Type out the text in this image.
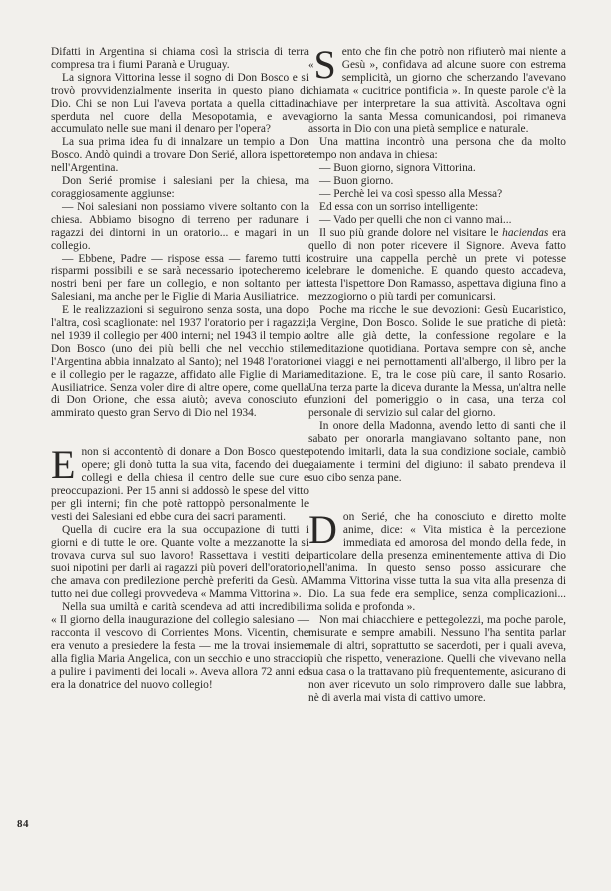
Difatti in Argentina si chiama così la striscia di terra compresa tra i fiumi Paranà e Uruguay.

La signora Vittorina lesse il sogno di Don Bosco e si trovò provvidenzialmente inserita in questo piano di Dio. Chi se non Lui l'aveva portata a quella cittadina sperduta nel cuore della Mesopotamia, e aveva accumulato nelle sue mani il denaro per l'opera?

La sua prima idea fu di innalzare un tempio a Don Bosco. Andò quindi a trovare Don Serié, allora ispettore nell'Argentina.

Don Serié promise i salesiani per la chiesa, ma coraggiosamente aggiunse:

— Noi salesiani non possiamo vivere soltanto con la chiesa. Abbiamo bisogno di terreno per radunare i ragazzi dei dintorni in un oratorio... e magari in un collegio.

— Ebbene, Padre — rispose essa — faremo tutti i risparmi possibili e se sarà necessario ipotecheremo i nostri beni per fare un collegio, e non soltanto per i Salesiani, ma anche per le Figlie di Maria Ausiliatrice.

E le realizzazioni si seguirono senza sosta, una dopo l'altra, così scaglionate: nel 1937 l'oratorio per i ragazzi; nel 1939 il collegio per 400 interni; nel 1943 il tempio a Don Bosco (uno dei più belli che nel vecchio stile l'Argentina abbia innalzato al Santo); nel 1948 l'oratorio e il collegio per le ragazze, affidato alle Figlie di Maria Ausiliatrice. Senza voler dire di altre opere, come quella di Don Orione, che essa aiutò; aveva conosciuto e ammirato questo gran Servo di Dio nel 1934.

Enon si accontentò di donare a Don Bosco queste opere; gli donò tutta la sua vita, facendo dei due collegi e della chiesa il centro delle sue cure e preoccupazioni. Per 15 anni si addossò le spese del vitto per gli interni; fin che potè rattoppò personalmente le vesti dei Salesiani ed ebbe cura dei sacri paramenti.

Quella di cucire era la sua occupazione di tutti i giorni e di tutte le ore. Quante volte a mezzanotte la si trovava curva sul suo lavoro! Rassettava i vestiti dei suoi nipotini per darli ai ragazzi più poveri dell'oratorio, che amava con predilezione perchè preferiti da Gesù. A tutto nei due collegi provvedeva « Mamma Vittorina ».

Nella sua umiltà e carità scendeva ad atti incredibili: « Il giorno della inaugurazione del collegio salesiano — racconta il vescovo di Corrientes Mons. Vicentin, che era venuto a presiedere la festa — me la trovai insieme alla figlia Maria Angelica, con un secchio e uno straccio a pulire i pavimenti dei locali ». Aveva allora 72 anni ed era la donatrice del nuovo collegio!

«S ento che fin che potrò non rifiuterò mai niente a Gesù », confidava ad alcune suore con estrema semplicità, un giorno che scherzando l'avevano chiamata « cucitrice pontificia ». In queste parole c'è la chiave per interpretare la sua attività. Ascoltava ogni giorno la santa Messa comunicandosi, poi rimaneva assorta in Dio con una pietà semplice e naturale.

Una mattina incontrò una persona che da molto tempo non andava in chiesa:

— Buon giorno, signora Vittorina.

— Buon giorno.

— Perchè lei va così spesso alla Messa?

Ed essa con un sorriso intelligente:

— Vado per quelli che non ci vanno mai...

Il suo più grande dolore nel visitare le haciendas era quello di non poter ricevere il Signore. Aveva fatto costruire una cappella perchè un prete vi potesse celebrare le domeniche. E quando questo accadeva, attesta l'ispettore Don Ramasso, aspettava digiuna fino a mezzogiorno o più tardi per comunicarsi.

Poche ma ricche le sue devozioni: Gesù Eucaristico, la Vergine, Don Bosco. Solide le sue pratiche di pietà: oltre alle già dette, la confessione regolare e la meditazione quotidiana. Portava sempre con sè, anche nei viaggi e nei pernottamenti all'albergo, il libro per la meditazione. E, tra le cose più care, il santo Rosario. Una terza parte la diceva durante la Messa, un'altra nelle funzioni del pomeriggio o in casa, una terza col personale di servizio sul calar del giorno.

In onore della Madonna, avendo letto di santi che il sabato per onorarla mangiavano soltanto pane, non potendo imitarli, data la sua condizione sociale, cambiò gaiamente i termini del digiuno: il sabato prendeva il suo cibo senza pane.

Don Serié, che ha conosciuto e diretto molte anime, dice: « Vita mistica è la percezione immediata ed amorosa del mondo della fede, in particolare della presenza eminentemente attiva di Dio nell'anima. In questo senso posso assicurare che Mamma Vittorina visse tutta la sua vita alla presenza di Dio. La sua fede era semplice, senza complicazioni... ma solida e profonda ».

Non mai chiacchiere e pettegolezzi, ma poche parole, misurate e sempre amabili. Nessuno l'ha sentita parlar male di altri, soprattutto se sacerdoti, per i quali aveva, più che rispetto, venerazione. Quelli che vivevano nella sua casa o la trattavano più frequentemente, asicurano di non aver ricevuto un solo rimprovero dalle sue labbra, nè di averla mai vista di cattivo umore.

84
